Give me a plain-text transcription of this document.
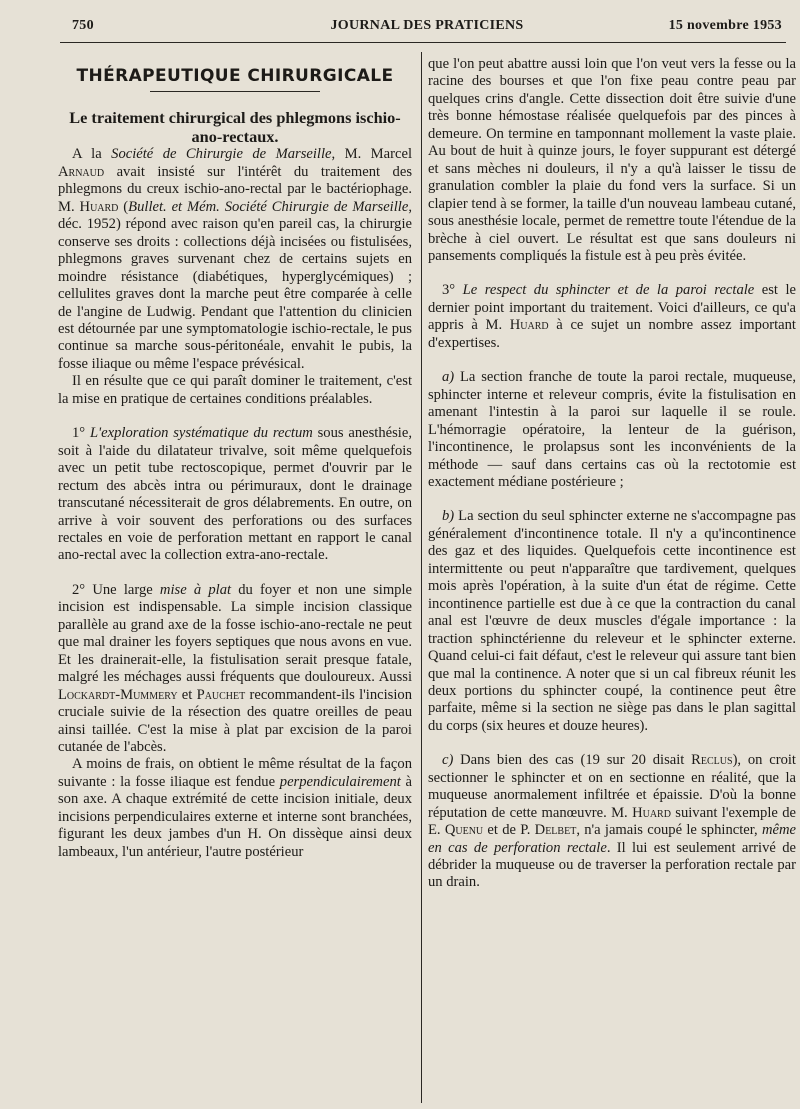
750	JOURNAL DES PRATICIENS	15 novembre 1953
THÉRAPEUTIQUE CHIRURGICALE

Le traitement chirurgical des phlegmons ischio-ano-rectaux.

A la Société de Chirurgie de Marseille, M. Marcel Arnaud avait insisté sur l'intérêt du traitement des phlegmons du creux ischio-ano-rectal par le bactériophage. M. Huard (Bullet. et Mém. Société Chirurgie de Marseille, déc. 1952) répond avec raison qu'en pareil cas, la chirurgie conserve ses droits : collections déjà incisées ou fistulisées, phlegmons graves survenant chez de certains sujets en moindre résistance (diabétiques, hyperglycémiques) ; cellulites graves dont la marche peut être comparée à celle de l'angine de Ludwig. Pendant que l'attention du clinicien est détournée par une symptomatologie ischio-rectale, le pus continue sa marche sous-péritonéale, envahit le pubis, la fosse iliaque ou même l'espace prévésical.

Il en résulte que ce qui paraît dominer le traitement, c'est la mise en pratique de certaines conditions préalables.

1° L'exploration systématique du rectum sous anesthésie, soit à l'aide du dilatateur trivalve, soit même quelquefois avec un petit tube rectoscopique, permet d'ouvrir par le rectum des abcès intra ou périmuraux, dont le drainage transcutané nécessiterait de gros délabrements. En outre, on arrive à voir souvent des perforations ou des surfaces rectales en voie de perforation mettant en rapport le canal ano-rectal avec la collection extra-ano-rectale.

2° Une large mise à plat du foyer et non une simple incision est indispensable. La simple incision classique parallèle au grand axe de la fosse ischio-ano-rectale ne peut que mal drainer les foyers septiques que nous avons en vue. Et les drainerait-elle, la fistulisation serait presque fatale, malgré les méchages aussi fréquents que douloureux. Aussi Lockardt-Mummery et Pauchet recommandent-ils l'incision cruciale suivie de la résection des quatre oreilles de peau ainsi taillée. C'est la mise à plat par excision de la paroi cutanée de l'abcès.

A moins de frais, on obtient le même résultat de la façon suivante : la fosse iliaque est fendue perpendiculairement à son axe. A chaque extrémité de cette incision initiale, deux incisions perpendiculaires externe et interne sont branchées, figurant les deux jambes d'un H. On dissèque ainsi deux lambeaux, l'un antérieur, l'autre postérieur

que l'on peut abattre aussi loin que l'on veut vers la fesse ou la racine des bourses et que l'on fixe peau contre peau par quelques crins d'angle. Cette dissection doit être suivie d'une très bonne hémostase réalisée quelquefois par des pinces à demeure. On termine en tamponnant mollement la vaste plaie. Au bout de huit à quinze jours, le foyer suppurant est détergé et sans mèches ni douleurs, il n'y a qu'à laisser le tissu de granulation combler la plaie du fond vers la surface. Si un clapier tend à se former, la taille d'un nouveau lambeau cutané, sous anesthésie locale, permet de remettre toute l'étendue de la brèche à ciel ouvert. Le résultat est que sans douleurs ni pansements compliqués la fistule est à peu près évitée.

3° Le respect du sphincter et de la paroi rectale est le dernier point important du traitement. Voici d'ailleurs, ce qu'a appris à M. Huard à ce sujet un nombre assez important d'expertises.

a) La section franche de toute la paroi rectale, muqueuse, sphincter interne et releveur compris, évite la fistulisation en amenant l'intestin à la paroi sur laquelle il se roule. L'hémorragie opératoire, la lenteur de la guérison, l'incontinence, le prolapsus sont les inconvénients de la méthode — sauf dans certains cas où la rectotomie est exactement médiane postérieure ;

b) La section du seul sphincter externe ne s'accompagne pas généralement d'incontinence totale. Il n'y a qu'incontinence des gaz et des liquides. Quelquefois cette incontinence est intermittente ou peut n'apparaître que tardivement, quelques mois après l'opération, à la suite d'un état de régime. Cette incontinence partielle est due à ce que la contraction du canal anal est l'œuvre de deux muscles d'égale importance : la traction sphinctérienne du releveur et le sphincter externe. Quand celui-ci fait défaut, c'est le releveur qui assure tant bien que mal la continence. A noter que si un cal fibreux réunit les deux portions du sphincter coupé, la continence peut être parfaite, même si la section ne siège pas dans le plan sagittal du corps (six heures et douze heures).

c) Dans bien des cas (19 sur 20 disait Reclus), on croit sectionner le sphincter et on en sectionne en réalité, que la muqueuse anormalement infiltrée et épaissie. D'où la bonne réputation de cette manœuvre. M. Huard suivant l'exemple de E. Quenu et de P. Delbet, n'a jamais coupé le sphincter, même en cas de perforation rectale. Il lui est seulement arrivé de débrider la muqueuse ou de traverser la perforation rectale par un drain.
